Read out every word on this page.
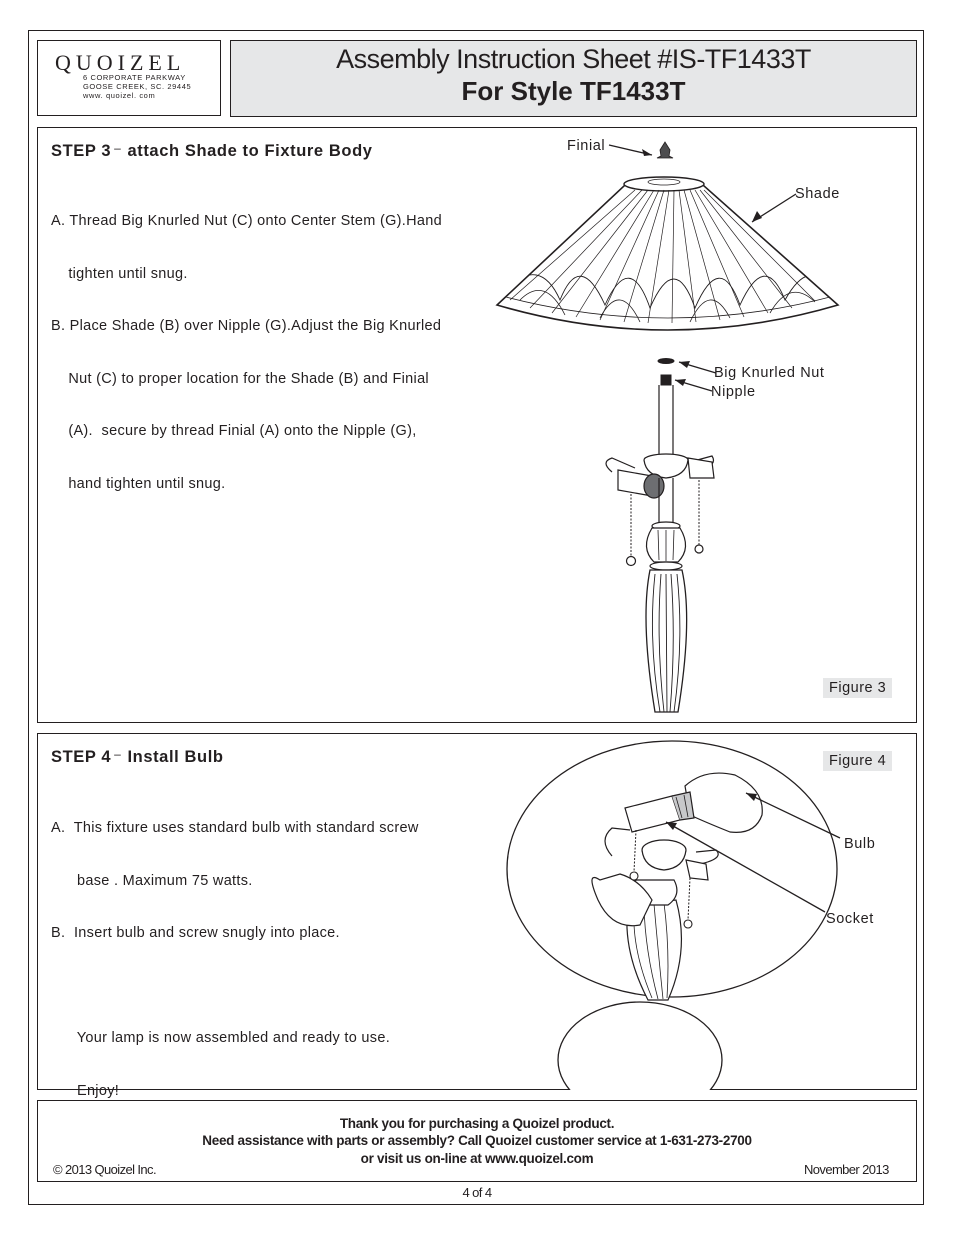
QUOIZEL
6 CORPORATE PARKWAY
GOOSE CREEK, SC. 29445
www. quoizel. com
Assembly Instruction Sheet #IS-TF1433T
For Style TF1433T
STEP 3 – attach Shade to Fixture Body

A. Thread Big Knurled Nut (C) onto Center Stem (G).Hand

tighten until snug.

B. Place Shade (B) over Nipple (G).Adjust the Big Knurled

Nut (C) to proper location for the Shade (B) and Finial

(A).  secure by thread Finial (A) onto the Nipple (G),

hand tighten until snug.

Finial
Shade
Big Knurled Nut
Nipple
Figure 3
STEP 4 – Install Bulb

A.  This fixture uses standard bulb with standard screw

base . Maximum 75 watts.

B.  Insert bulb and screw snugly into place.

Your lamp is now assembled and ready to use.

Enjoy!

Bulb
Socket
Figure 4
Thank you for purchasing a Quoizel product.
Need assistance with parts or assembly? Call Quoizel customer service at 1-631-273-2700
or visit us on-line at www.quoizel.com
© 2013 Quoizel Inc.	November 2013
4 of 4
